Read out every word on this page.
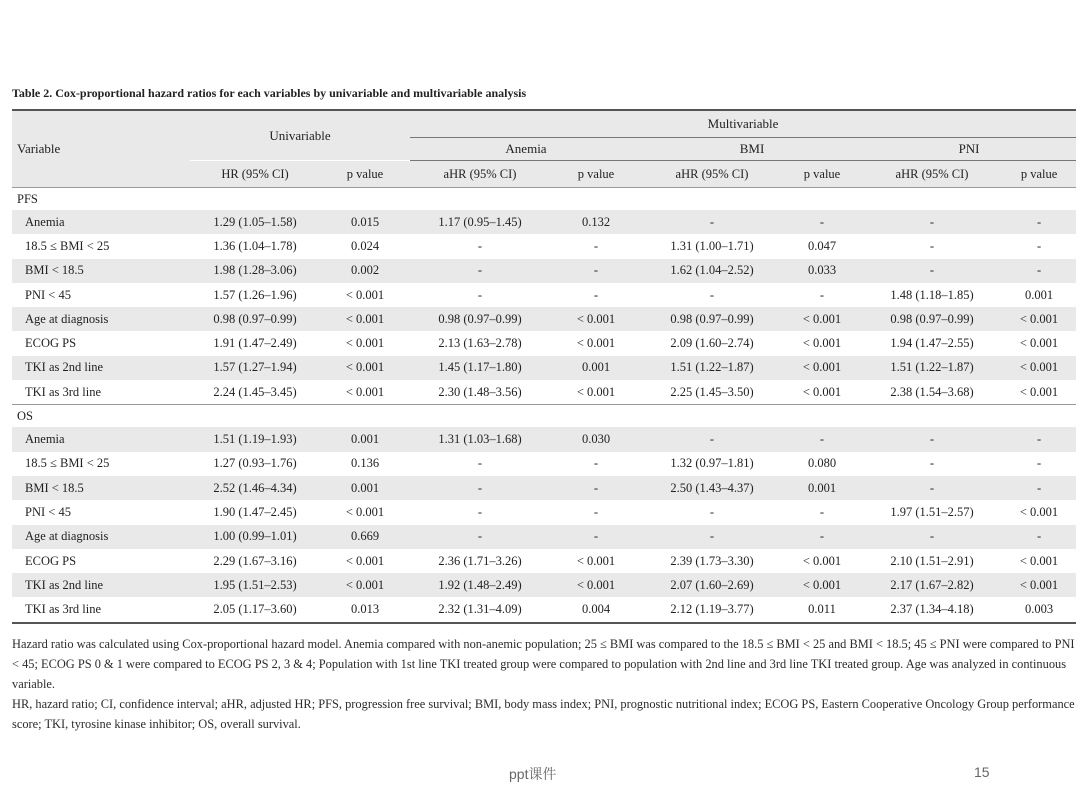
Table 2. Cox-proportional hazard ratios for each variables by univariable and multivariable analysis
Variable	Univariable		Multivariable					
			Anemia		BMI		PNI	
	HR (95% CI)	p value	aHR (95% CI)	p value	aHR (95% CI)	p value	aHR (95% CI)	p value
PFS								
Anemia	1.29 (1.05–1.58)	0.015	1.17 (0.95–1.45)	0.132	-	-	-	-
18.5 ≤ BMI < 25	1.36 (1.04–1.78)	0.024	-	-	1.31 (1.00–1.71)	0.047	-	-
BMI < 18.5	1.98 (1.28–3.06)	0.002	-	-	1.62 (1.04–2.52)	0.033	-	-
PNI < 45	1.57 (1.26–1.96)	< 0.001	-	-	-	-	1.48 (1.18–1.85)	0.001
Age at diagnosis	0.98 (0.97–0.99)	< 0.001	0.98 (0.97–0.99)	< 0.001	0.98 (0.97–0.99)	< 0.001	0.98 (0.97–0.99)	< 0.001
ECOG PS	1.91 (1.47–2.49)	< 0.001	2.13 (1.63–2.78)	< 0.001	2.09 (1.60–2.74)	< 0.001	1.94 (1.47–2.55)	< 0.001
TKI as 2nd line	1.57 (1.27–1.94)	< 0.001	1.45 (1.17–1.80)	0.001	1.51 (1.22–1.87)	< 0.001	1.51 (1.22–1.87)	< 0.001
TKI as 3rd line	2.24 (1.45–3.45)	< 0.001	2.30 (1.48–3.56)	< 0.001	2.25 (1.45–3.50)	< 0.001	2.38 (1.54–3.68)	< 0.001
OS								
Anemia	1.51 (1.19–1.93)	0.001	1.31 (1.03–1.68)	0.030	-	-	-	-
18.5 ≤ BMI < 25	1.27 (0.93–1.76)	0.136	-	-	1.32 (0.97–1.81)	0.080	-	-
BMI < 18.5	2.52 (1.46–4.34)	0.001	-	-	2.50 (1.43–4.37)	0.001	-	-
PNI < 45	1.90 (1.47–2.45)	< 0.001	-	-	-	-	1.97 (1.51–2.57)	< 0.001
Age at diagnosis	1.00 (0.99–1.01)	0.669	-	-	-	-	-	-
ECOG PS	2.29 (1.67–3.16)	< 0.001	2.36 (1.71–3.26)	< 0.001	2.39 (1.73–3.30)	< 0.001	2.10 (1.51–2.91)	< 0.001
TKI as 2nd line	1.95 (1.51–2.53)	< 0.001	1.92 (1.48–2.49)	< 0.001	2.07 (1.60–2.69)	< 0.001	2.17 (1.67–2.82)	< 0.001
TKI as 3rd line	2.05 (1.17–3.60)	0.013	2.32 (1.31–4.09)	0.004	2.12 (1.19–3.77)	0.011	2.37 (1.34–4.18)	0.003

Hazard ratio was calculated using Cox-proportional hazard model. Anemia compared with non-anemic population; 25 ≤ BMI was compared to the 18.5 ≤ BMI < 25 and BMI < 18.5; 45 ≤ PNI were compared to PNI < 45; ECOG PS 0 & 1 were compared to ECOG PS 2, 3 & 4; Population with 1st line TKI treated group were compared to population with 2nd line and 3rd line TKI treated group. Age was analyzed in continuous variable.

HR, hazard ratio; CI, confidence interval; aHR, adjusted HR; PFS, progression free survival; BMI, body mass index; PNI, prognostic nutritional index; ECOG PS, Eastern Cooperative Oncology Group performance score; TKI, tyrosine kinase inhibitor; OS, overall survival.

ppt课件	15
